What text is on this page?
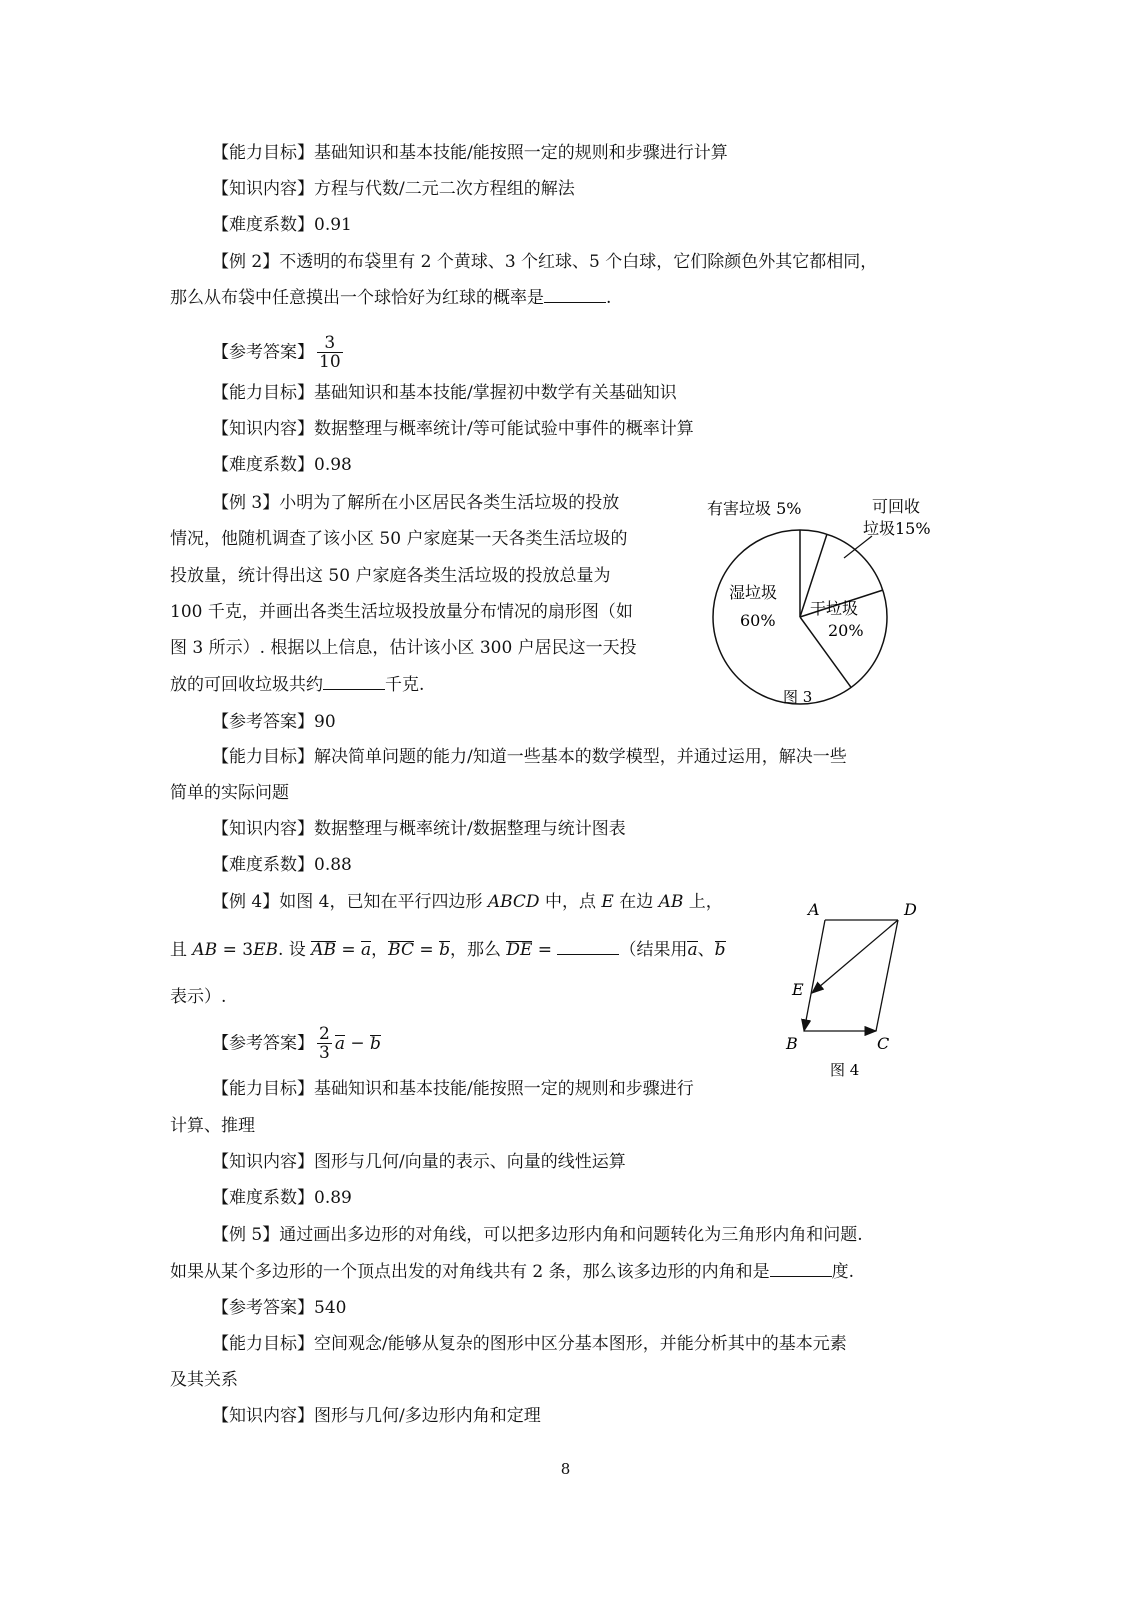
【能力目标】基础知识和基本技能/能按照一定的规则和步骤进行计算
【知识内容】方程与代数/二元二次方程组的解法
【难度系数】0.91
【例 2】不透明的布袋里有 2 个黄球、3 个红球、5 个白球，它们除颜色外其它都相同，
那么从布袋中任意摸出一个球恰好为红球的概率是	.
【参考答案】 $\frac{3}{10}$
【能力目标】基础知识和基本技能/掌握初中数学有关基础知识
【知识内容】数据整理与概率统计/等可能试验中事件的概率计算
【难度系数】0.98
【例 3】小明为了解所在小区居民各类生活垃圾的投放
情况，他随机调查了该小区 50 户家庭某一天各类生活垃圾的
投放量，统计得出这 50 户家庭各类生活垃圾的投放总量为
100 千克，并画出各类生活垃圾投放量分布情况的扇形图（如
图 3 所示）. 根据以上信息，估计该小区 300 户居民这一天投
放的可回收垃圾共约	千克.
有害垃圾 5%	可回收
垃圾15%
干垃圾
20%
湿垃圾
60%
图 3
【参考答案】90
【能力目标】解决简单问题的能力/知道一些基本的数学模型，并通过运用，解决一些
简单的实际问题
【知识内容】数据整理与概率统计/数据整理与统计图表
【难度系数】0.88
【例 4】如图 4，已知在平行四边形 ABCD 中，点 E 在边 AB 上，
且 AB = 3EB. 设 AB = a，BC = b，那么 DE =	（结果用a、b
表示）.
【参考答案】 $\frac{2}{3}$ a − b
A	D
E
B	C
图 4
【能力目标】基础知识和基本技能/能按照一定的规则和步骤进行
计算、推理
【知识内容】图形与几何/向量的表示、向量的线性运算
【难度系数】0.89
【例 5】通过画出多边形的对角线，可以把多边形内角和问题转化为三角形内角和问题.
如果从某个多边形的一个顶点出发的对角线共有 2 条，那么该多边形的内角和是	度.
【参考答案】540
【能力目标】空间观念/能够从复杂的图形中区分基本图形，并能分析其中的基本元素
及其关系
【知识内容】图形与几何/多边形内角和定理
8
